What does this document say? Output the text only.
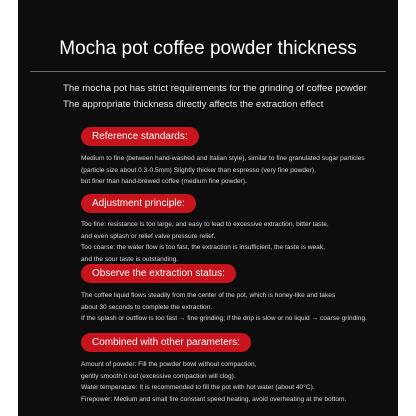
Mocha pot coffee powder thickness
The mocha pot has strict requirements for the grinding of coffee powder
The appropriate thickness directly affects the extraction effect
Reference standards:
Medium to fine (between hand-washed and Italian style), similar to fine granulated sugar particles
(particle size about 0.3-0.5mm) Slightly thicker than espresso (very fine powder),
but finer than hand-brewed coffee (medium fine powder).
Adjustment principle:
Too fine: resistance is too large, and easy to lead to excessive extraction, bitter taste,
and even splash or relief valve pressure relief.
Too coarse: the water flow is too fast, the extraction is insufficient, the taste is weak,
and the sour taste is outstanding.
Observe the extraction status:
The coffee liquid flows steadily from the center of the pot, which is honey-like and takes
about 30 seconds to complete the extraction.
If the splash or outflow is too fast → fine grinding; if the drip is slow or no liquid → coarse grinding.
Combined with other parameters:
Amount of powder: Fill the powder bowl without compaction,
gently smooth it out (excessive compaction will clog).
Water temperature: It is recommended to fill the pot with hot water (about 40°C).
Firepower: Medium and small fire constant speed heating, avoid overheating at the bottom.
